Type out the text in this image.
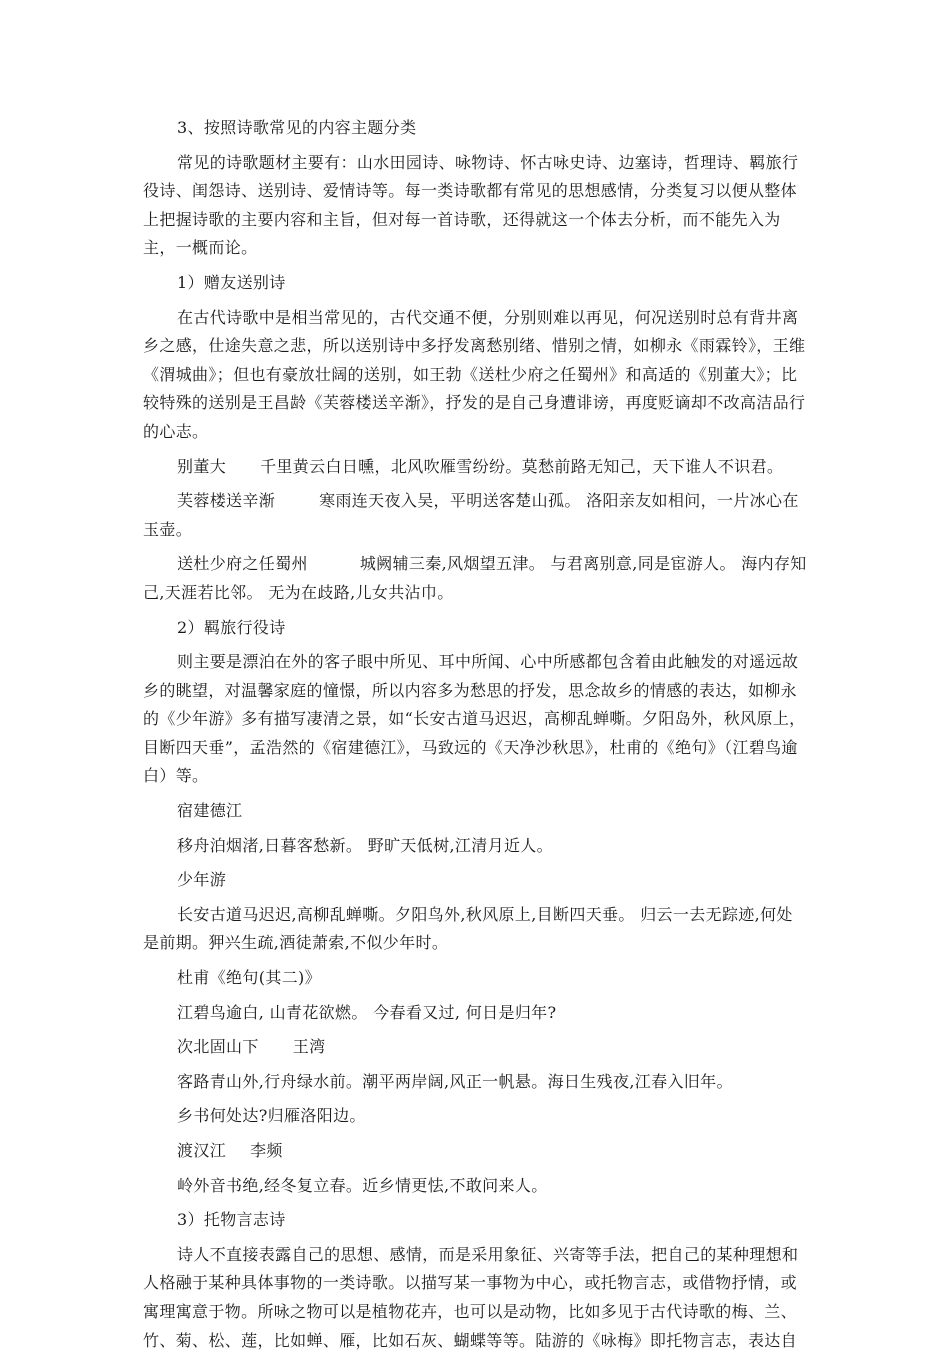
3、按照诗歌常见的内容主题分类

常见的诗歌题材主要有：山水田园诗、咏物诗、怀古咏史诗、边塞诗，哲理诗、羁旅行役诗、闺怨诗、送别诗、爱情诗等。每一类诗歌都有常见的思想感情，分类复习以便从整体上把握诗歌的主要内容和主旨，但对每一首诗歌，还得就这一个体去分析，而不能先入为主，一概而论。

1）赠友送别诗

在古代诗歌中是相当常见的，古代交通不便，分别则难以再见，何况送别时总有背井离乡之感，仕途失意之悲，所以送别诗中多抒发离愁别绪、惜别之情，如柳永《雨霖铃》，王维《渭城曲》；但也有豪放壮阔的送别，如王勃《送杜少府之任蜀州》和高适的《别董大》；比较特殊的送别是王昌龄《芙蓉楼送辛渐》，抒发的是自己身遭诽谤，再度贬谪却不改高洁品行的心志。

别董大 千里黄云白日曛，北风吹雁雪纷纷。莫愁前路无知己，天下谁人不识君。

芙蓉楼送辛渐	寒雨连天夜入吴，平明送客楚山孤。 洛阳亲友如相问，一片冰心在玉壶。

送杜少府之任蜀州	城阙辅三秦,风烟望五津。 与君离别意,同是宦游人。 海内存知己,天涯若比邻。 无为在歧路,儿女共沾巾。

2）羁旅行役诗

则主要是漂泊在外的客子眼中所见、耳中所闻、心中所感都包含着由此触发的对遥远故乡的眺望，对温馨家庭的憧憬，所以内容多为愁思的抒发，思念故乡的情感的表达，如柳永的《少年游》多有描写凄清之景，如“长安古道马迟迟，高柳乱蝉嘶。夕阳岛外，秋风原上，目断四天垂”，孟浩然的《宿建德江》，马致远的《天净沙秋思》，杜甫的《绝句》（江碧鸟逾白）等。

宿建德江

移舟泊烟渚,日暮客愁新。 野旷天低树,江清月近人。

少年游

长安古道马迟迟,高柳乱蝉嘶。夕阳鸟外,秋风原上,目断四天垂。 归云一去无踪迹,何处是前期。狎兴生疏,酒徒萧索,不似少年时。

杜甫《绝句(其二)》

江碧鸟逾白, 山青花欲燃。 今春看又过, 何日是归年?

次北固山下 王湾

客路青山外,行舟绿水前。潮平两岸阔,风正一帆悬。海日生残夜,江春入旧年。

乡书何处达?归雁洛阳边。

渡汉江 李频

岭外音书绝,经冬复立春。近乡情更怯,不敢问来人。

3）托物言志诗

诗人不直接表露自己的思想、感情，而是采用象征、兴寄等手法，把自己的某种理想和人格融于某种具体事物的一类诗歌。以描写某一事物为中心，或托物言志，或借物抒情，或寓理寓意于物。所咏之物可以是植物花卉，也可以是动物，比如多见于古代诗歌的梅、兰、竹、菊、松、莲，比如蝉、雁，比如石灰、蝴蝶等等。陆游的《咏梅》即托物言志，表达自
